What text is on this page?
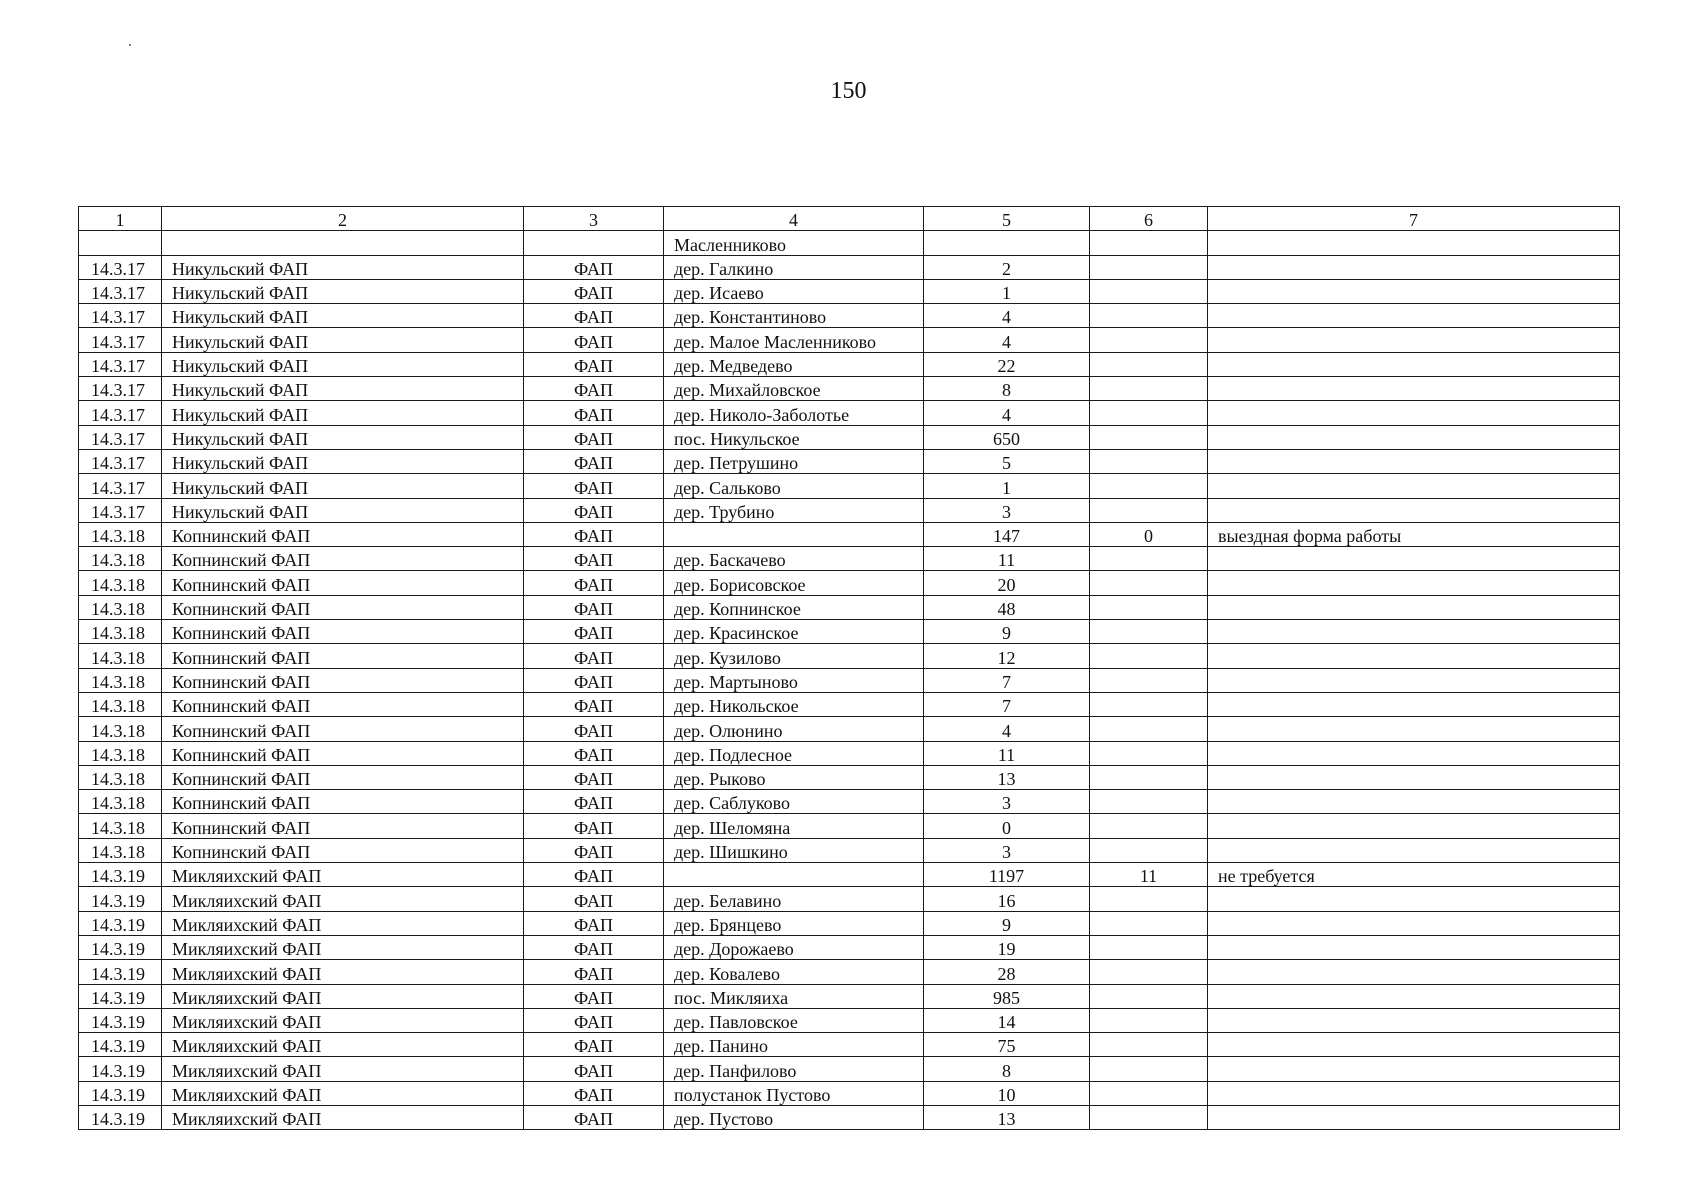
150
1	2	3	4	5	6	7
			Масленниково			
14.3.17	Никульский ФАП	ФАП	дер. Галкино	2		
14.3.17	Никульский ФАП	ФАП	дер. Исаево	1		
14.3.17	Никульский ФАП	ФАП	дер. Константиново	4		
14.3.17	Никульский ФАП	ФАП	дер. Малое Масленниково	4		
14.3.17	Никульский ФАП	ФАП	дер. Медведево	22		
14.3.17	Никульский ФАП	ФАП	дер. Михайловское	8		
14.3.17	Никульский ФАП	ФАП	дер. Николо-Заболотье	4		
14.3.17	Никульский ФАП	ФАП	пос. Никульское	650		
14.3.17	Никульский ФАП	ФАП	дер. Петрушино	5		
14.3.17	Никульский ФАП	ФАП	дер. Сальково	1		
14.3.17	Никульский ФАП	ФАП	дер. Трубино	3		
14.3.18	Копнинский ФАП	ФАП		147	0	выездная форма работы
14.3.18	Копнинский ФАП	ФАП	дер. Баскачево	11		
14.3.18	Копнинский ФАП	ФАП	дер. Борисовское	20		
14.3.18	Копнинский ФАП	ФАП	дер. Копнинское	48		
14.3.18	Копнинский ФАП	ФАП	дер. Красинское	9		
14.3.18	Копнинский ФАП	ФАП	дер. Кузилово	12		
14.3.18	Копнинский ФАП	ФАП	дер. Мартыново	7		
14.3.18	Копнинский ФАП	ФАП	дер. Никольское	7		
14.3.18	Копнинский ФАП	ФАП	дер. Олюнино	4		
14.3.18	Копнинский ФАП	ФАП	дер. Подлесное	11		
14.3.18	Копнинский ФАП	ФАП	дер. Рыково	13		
14.3.18	Копнинский ФАП	ФАП	дер. Саблуково	3		
14.3.18	Копнинский ФАП	ФАП	дер. Шеломяна	0		
14.3.18	Копнинский ФАП	ФАП	дер. Шишкино	3		
14.3.19	Микляихский ФАП	ФАП		1197	11	не требуется
14.3.19	Микляихский ФАП	ФАП	дер. Белавино	16		
14.3.19	Микляихский ФАП	ФАП	дер. Брянцево	9		
14.3.19	Микляихский ФАП	ФАП	дер. Дорожаево	19		
14.3.19	Микляихский ФАП	ФАП	дер. Ковалево	28		
14.3.19	Микляихский ФАП	ФАП	пос. Микляиха	985		
14.3.19	Микляихский ФАП	ФАП	дер. Павловское	14		
14.3.19	Микляихский ФАП	ФАП	дер. Панино	75		
14.3.19	Микляихский ФАП	ФАП	дер. Панфилово	8		
14.3.19	Микляихский ФАП	ФАП	полустанок Пустово	10		
14.3.19	Микляихский ФАП	ФАП	дер. Пустово	13		
